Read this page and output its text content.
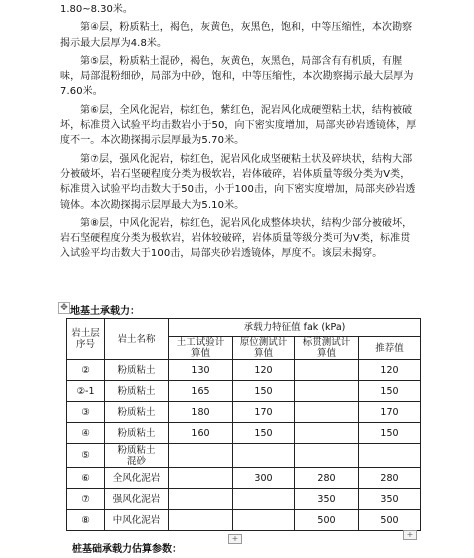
1.80~8.30米。

第④层，粉质粘土，褐色，灰黄色，灰黑色，饱和，中等压缩性，本次勘察揭示最大层厚为4.8米。

第⑤层，粉质粘土混砂，褐色，灰黄色，灰黑色，局部含有有机质，有腥味，局部混粉细砂，局部为中砂，饱和，中等压缩性，本次勘察揭示最大层厚为7.60米。

第⑥层，全风化泥岩，棕红色，紫红色，泥岩风化成硬塑粘土状，结构被破坏，标准贯入试验平均击数岩小于50，向下密实度增加，局部夹砂岩透镜体，厚度不一。本次勘探揭示层厚最为5.70米。

第⑦层，强风化泥岩，棕红色，泥岩风化成坚硬粘土状及碎块状，结构大部分被破坏，岩石坚硬程度分类为极软岩，岩体破碎，岩体质量等级分类为Ⅴ类，标准贯入试验平均击数大于50击，小于100击，向下密实度增加，局部夹砂岩透镜体。本次勘探揭示层厚最大为5.10米。

第⑧层，中风化泥岩，棕红色，泥岩风化成整体块状，结构少部分被破坏，岩石坚硬程度分类为极软岩，岩体较破碎，岩体质量等级分类可为Ⅴ类，标准贯入试验平均击数大于100击，局部夹砂岩透镜体，厚度不。该层未揭穿。

✥ 地基土承载力：
岩土层序号	岩土名称	承载力特征值 fak (kPa)			
		土工试验计算值	原位测试计算值	标贯测试计算值	推荐值
②	粉质粘土	130	120		120
②-1	粉质粘土	165	150		150
③	粉质粘土	180	170		170
④	粉质粘土	160	150		150
⑤	粉质粘土混砂				
⑥	全风化泥岩		300	280	280
⑦	强风化泥岩			350	350
⑧	中风化泥岩			500	500
+	+
桩基础承载力估算参数：
